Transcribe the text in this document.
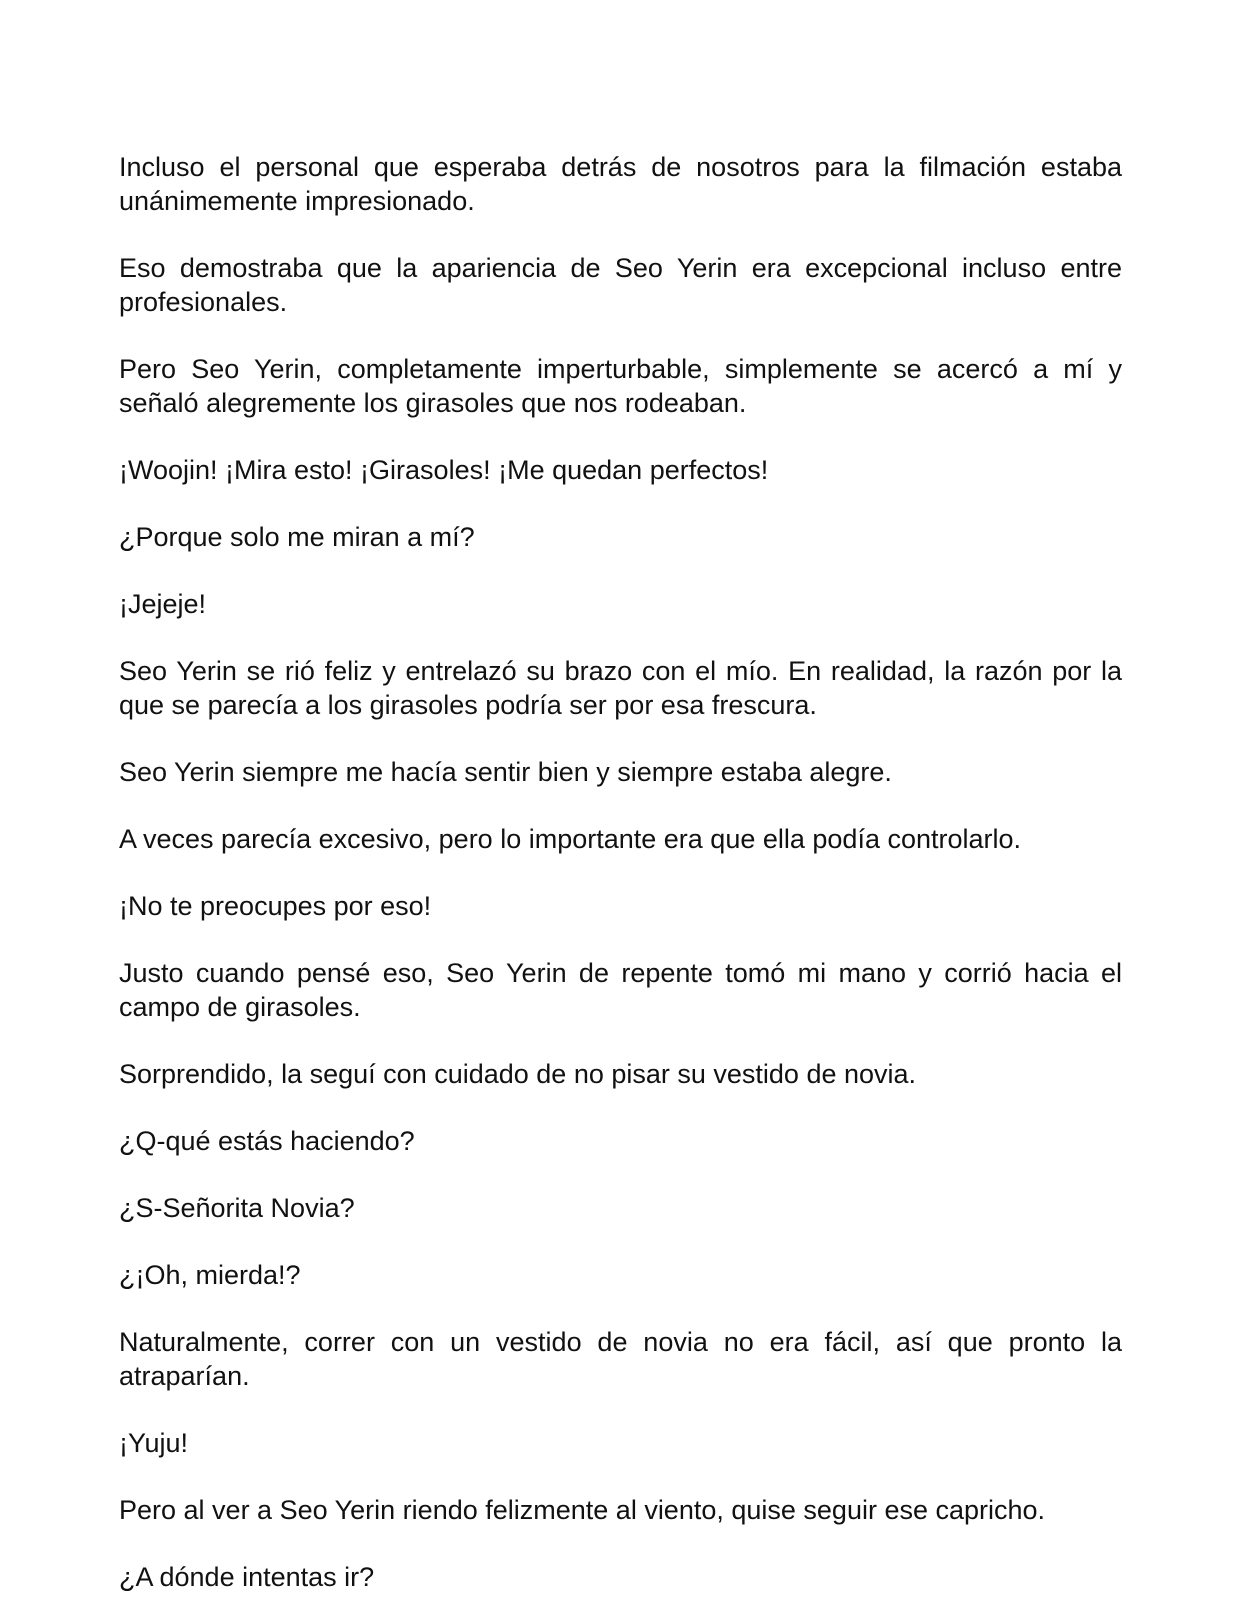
Incluso el personal que esperaba detrás de nosotros para la filmación estaba unánimemente impresionado.

Eso demostraba que la apariencia de Seo Yerin era excepcional incluso entre profesionales.

Pero Seo Yerin, completamente imperturbable, simplemente se acercó a mí y señaló alegremente los girasoles que nos rodeaban.

¡Woojin! ¡Mira esto! ¡Girasoles! ¡Me quedan perfectos!

¿Porque solo me miran a mí?

¡Jejeje!

Seo Yerin se rió feliz y entrelazó su brazo con el mío. En realidad, la razón por la que se parecía a los girasoles podría ser por esa frescura.

Seo Yerin siempre me hacía sentir bien y siempre estaba alegre.

A veces parecía excesivo, pero lo importante era que ella podía controlarlo.

¡No te preocupes por eso!

Justo cuando pensé eso, Seo Yerin de repente tomó mi mano y corrió hacia el campo de girasoles.

Sorprendido, la seguí con cuidado de no pisar su vestido de novia.

¿Q-qué estás haciendo?

¿S-Señorita Novia?

¿¡Oh, mierda!?

Naturalmente, correr con un vestido de novia no era fácil, así que pronto la atraparían.

¡Yuju!

Pero al ver a Seo Yerin riendo felizmente al viento, quise seguir ese capricho.

¿A dónde intentas ir?
